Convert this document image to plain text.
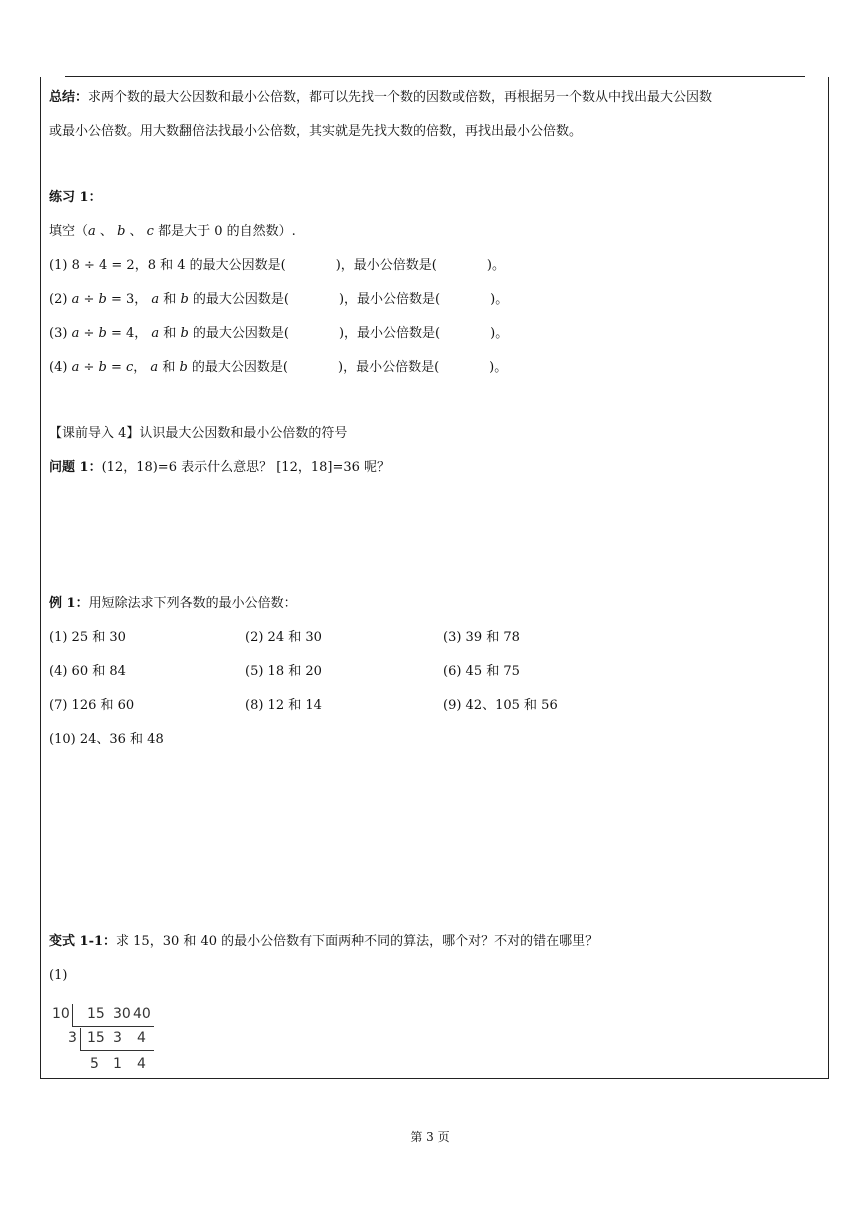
总结：求两个数的最大公因数和最小公倍数，都可以先找一个数的因数或倍数，再根据另一个数从中找出最大公因数
或最小公倍数。用大数翻倍法找最小公倍数，其实就是先找大数的倍数，再找出最小公倍数。
练习 1：
填空（a 、 b 、 c 都是大于 0 的自然数）.
(1) 8 ÷ 4 = 2，8 和 4 的最大公因数是(	)，最小公倍数是(	)。
(2) a ÷ b = 3， a 和 b 的最大公因数是(	)，最小公倍数是(	)。
(3) a ÷ b = 4， a 和 b 的最大公因数是(	)，最小公倍数是(	)。
(4) a ÷ b = c， a 和 b 的最大公因数是(	)，最小公倍数是(	)。
【课前导入 4】认识最大公因数和最小公倍数的符号
问题 1：(12，18)=6 表示什么意思？ [12，18]=36 呢？
例 1：用短除法求下列各数的最小公倍数：
(1) 25 和 30	(2) 24 和 30	(3) 39 和 78
(4) 60 和 84	(5) 18 和 20	(6) 45 和 75
(7) 126 和 60	(8) 12 和 14	(9) 42、105 和 56
(10) 24、36 和 48
变式 1-1：求 15，30 和 40 的最小公倍数有下面两种不同的算法，哪个对？不对的错在哪里？
(1)
10 15 30 40
3 15 3 4
5 1 4
第 3 页
